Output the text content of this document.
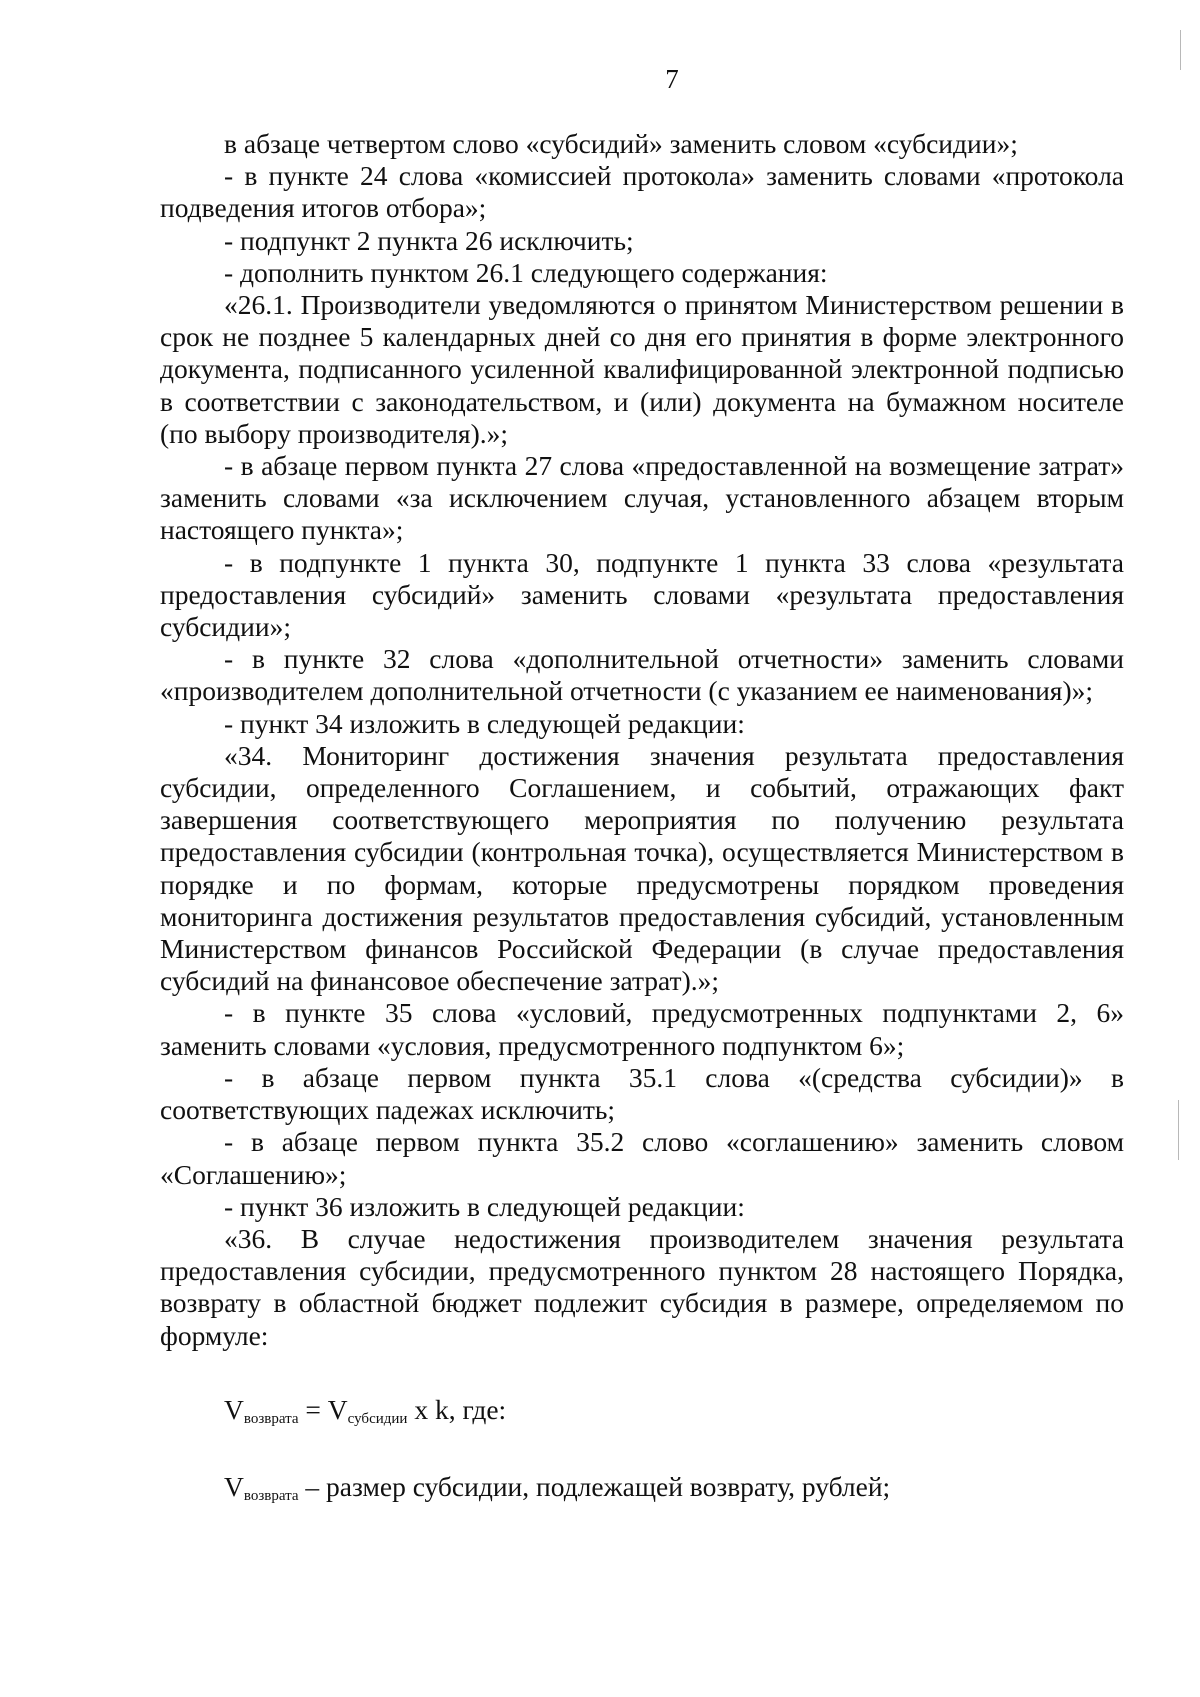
7

в абзаце четвертом слово «субсидий» заменить словом «субсидии»;

- в пункте 24 слова «комиссией протокола» заменить словами «протокола подведения итогов отбора»;

- подпункт 2 пункта 26 исключить;

- дополнить пунктом 26.1 следующего содержания:

«26.1. Производители уведомляются о принятом Министерством решении в срок не позднее 5 календарных дней со дня его принятия в форме электронного документа, подписанного усиленной квалифицированной электронной подписью в соответствии с законодательством, и (или) документа на бумажном носителе (по выбору производителя).»;

- в абзаце первом пункта 27 слова «предоставленной на возмещение затрат» заменить словами «за исключением случая, установленного абзацем вторым настоящего пункта»;

- в подпункте 1 пункта 30, подпункте 1 пункта 33 слова «результата предоставления субсидий» заменить словами «результата предоставления субсидии»;

- в пункте 32 слова «дополнительной отчетности» заменить словами «производителем дополнительной отчетности (с указанием ее наименования)»;

- пункт 34 изложить в следующей редакции:

«34. Мониторинг достижения значения результата предоставления субсидии, определенного Соглашением, и событий, отражающих факт завершения соответствующего мероприятия по получению результата предоставления субсидии (контрольная точка), осуществляется Министерством в порядке и по формам, которые предусмотрены порядком проведения мониторинга достижения результатов предоставления субсидий, установленным Министерством финансов Российской Федерации (в случае предоставления субсидий на финансовое обеспечение затрат).»;

- в пункте 35 слова «условий, предусмотренных подпунктами 2, 6» заменить словами «условия, предусмотренного подпунктом 6»;

- в абзаце первом пункта 35.1 слова «(средства субсидии)» в соответствующих падежах исключить;

- в абзаце первом пункта 35.2 слово «соглашению» заменить словом «Соглашению»;

- пункт 36 изложить в следующей редакции:

«36. В случае недостижения производителем значения результата предоставления субсидии, предусмотренного пунктом 28 настоящего Порядка, возврату в областной бюджет подлежит субсидия в размере, определяемом по формуле:

$V_{возврата} = V_{субсидии}$ x k, где:
$V_{возврата}$ – размер субсидии, подлежащей возврату, рублей;
